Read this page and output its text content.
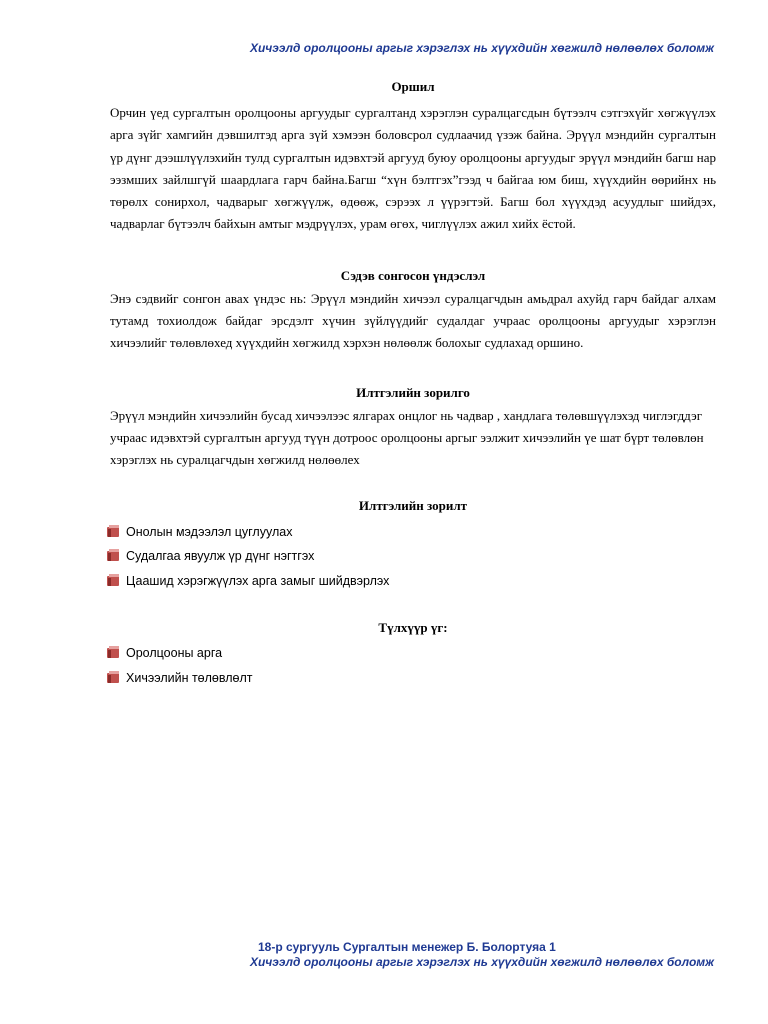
Хичээлд оролцооны аргыг хэрэглэх нь хүүхдийн хөгжилд нөлөөлөх боломж
Оршил

Орчин үед сургалтын оролцооны аргуудыг сургалтанд хэрэглэн суралцагсдын бүтээлч сэтгэхүйг хөгжүүлэх арга зүйг хамгийн дэвшилтэд арга зүй хэмээн боловсрол судлаачид үзэж байна. Эрүүл мэндийн сургалтын үр дүнг дээшлүүлэхийн тулд сургалтын идэвхтэй аргууд буюу оролцооны аргуудыг эрүүл мэндийн багш нар ээзмших зайлшгүй шаардлага гарч байна.Багш “хүн бэлтгэх”гээд ч байгаа юм биш, хүүхдийн өөрийнх нь төрөлх сонирхол, чадварыг хөгжүүлж, өдөөж, сэрээх л үүрэгтэй. Багш бол хүүхдэд асуудлыг шийдэх, чадварлаг бүтээлч байхын амтыг мэдрүүлэх, урам өгөх, чиглүүлэх ажил хийх ёстой.

Сэдэв сонгосон үндэслэл

Энэ сэдвийг сонгон авах үндэс нь: Эрүүл мэндийн хичээл суралцагчдын амьдрал ахуйд гарч байдаг алхам тутамд тохиолдож байдаг эрсдэлт хүчин зүйлүүдийг судалдаг учраас оролцооны аргуудыг хэрэглэн хичээлийг төлөвлөхед хүүхдийн хөгжилд хэрхэн нөлөөлж болохыг судлахад оршино.

Илтгэлийн зорилго

Эрүүл мэндийн хичээлийн бусад хичээлээс ялгарах онцлог нь чадвар , хандлага төлөвшүүлэхэд чиглэгддэг учраас идэвхтэй сургалтын аргууд түүн дотроос оролцооны аргыг ээлжит хичээлийн үе шат бүрт төлөвлөн хэрэглэх нь суралцагчдын хөгжилд нөлөөлех

Илтгэлийн зорилт
Онолын мэдээлэл цуглуулах
Судалгаа явуулж үр дүнг нэгтгэх
Цаашид хэрэгжүүлэх арга замыг шийдвэрлэх
Түлхүүр үг:
Оролцооны арга
Хичээлийн төлөвлөлт
18-р сургууль Сургалтын менежер Б. Болортуяа 1
Хичээлд оролцооны аргыг хэрэглэх нь хүүхдийн хөгжилд нөлөөлөх боломж
